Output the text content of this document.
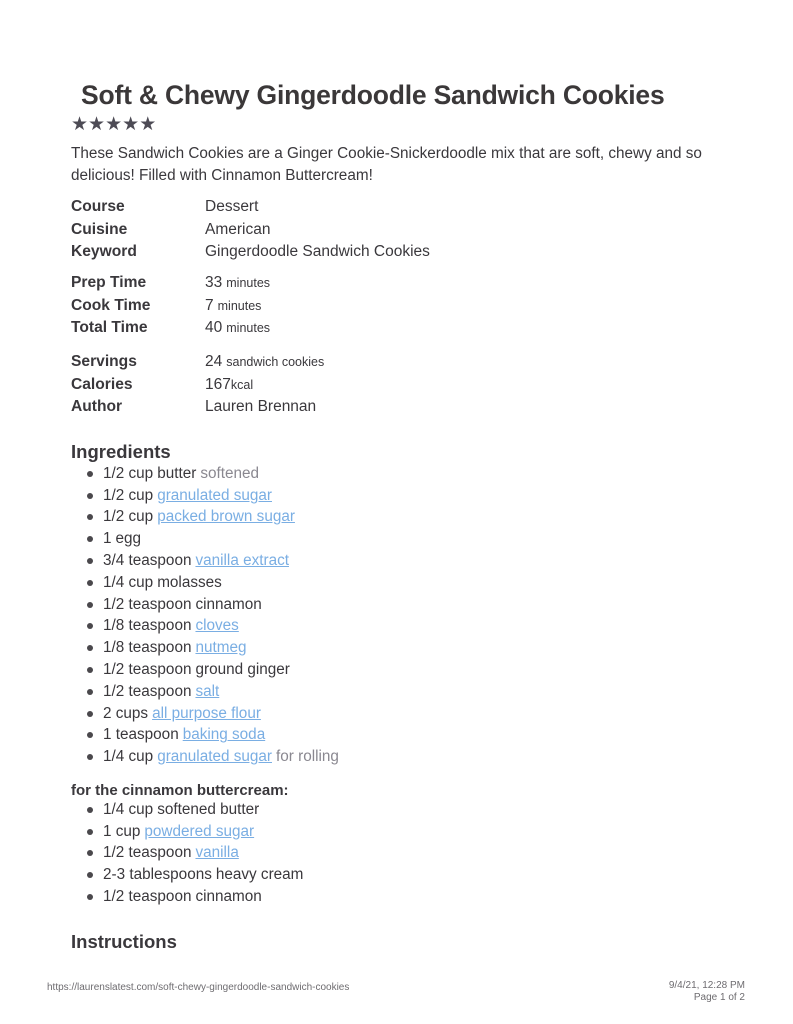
Soft & Chewy Gingerdoodle Sandwich Cookies
★ ★ ★ ★ ★

These Sandwich Cookies are a Ginger Cookie-Snickerdoodle mix that are soft, chewy and so delicious! Filled with Cinnamon Buttercream!

Course	Dessert
Cuisine	American
Keyword	Gingerdoodle Sandwich Cookies
Prep Time	33 minutes
Cook Time	7 minutes
Total Time	40 minutes
Servings	24 sandwich cookies
Calories	167kcal
Author	Lauren Brennan
Ingredients
1/2 cup butter softened
1/2 cup granulated sugar
1/2 cup packed brown sugar
1 egg
3/4 teaspoon vanilla extract
1/4 cup molasses
1/2 teaspoon cinnamon
1/8 teaspoon cloves
1/8 teaspoon nutmeg
1/2 teaspoon ground ginger
1/2 teaspoon salt
2 cups all purpose flour
1 teaspoon baking soda
1/4 cup granulated sugar for rolling
for the cinnamon buttercream:
1/4 cup softened butter
1 cup powdered sugar
1/2 teaspoon vanilla
2-3 tablespoons heavy cream
1/2 teaspoon cinnamon
Instructions
https://laurenslatest.com/soft-chewy-gingerdoodle-sandwich-cookies	9/4/21, 12:28 PM
Page 1 of 2
